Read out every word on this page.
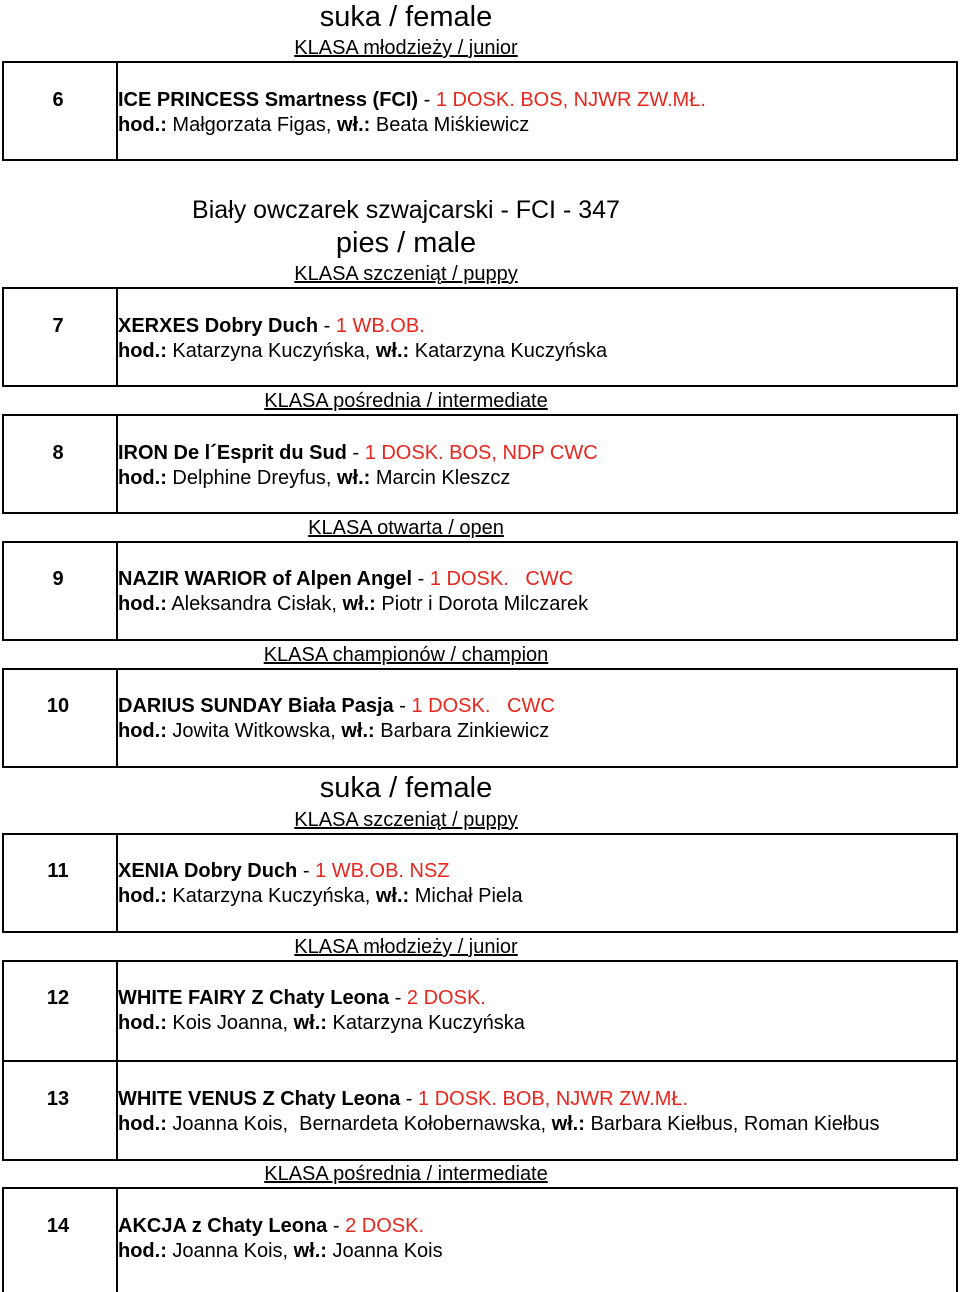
suka / female
KLASA młodzieży / junior
6	ICE PRINCESS Smartness (FCI) - 1 DOSK. BOS, NJWR ZW.MŁ.
hod.: Małgorzata Figas, wł.: Beata Miśkiewicz
Biały owczarek szwajcarski - FCI - 347
pies / male
KLASA szczeniąt / puppy
7	XERXES Dobry Duch - 1 WB.OB.
hod.: Katarzyna Kuczyńska, wł.: Katarzyna Kuczyńska
KLASA pośrednia / intermediate
8	IRON De l´Esprit du Sud - 1 DOSK. BOS, NDP CWC
hod.: Delphine Dreyfus, wł.: Marcin Kleszcz
KLASA otwarta / open
9	NAZIR WARIOR of Alpen Angel - 1 DOSK.   CWC
hod.: Aleksandra Cisłak, wł.: Piotr i Dorota Milczarek
KLASA championów / champion
10	DARIUS SUNDAY Biała Pasja - 1 DOSK.   CWC
hod.: Jowita Witkowska, wł.: Barbara Zinkiewicz
suka / female
KLASA szczeniąt / puppy
11	XENIA Dobry Duch - 1 WB.OB. NSZ
hod.: Katarzyna Kuczyńska, wł.: Michał Piela
KLASA młodzieży / junior
12	WHITE FAIRY Z Chaty Leona - 2 DOSK.
hod.: Kois Joanna, wł.: Katarzyna Kuczyńska
13	WHITE VENUS Z Chaty Leona - 1 DOSK. BOB, NJWR ZW.MŁ.
hod.: Joanna Kois,  Bernardeta Kołobernawska, wł.: Barbara Kiełbus, Roman Kiełbus
KLASA pośrednia / intermediate
14	AKCJA z Chaty Leona - 2 DOSK.
hod.: Joanna Kois, wł.: Joanna Kois
